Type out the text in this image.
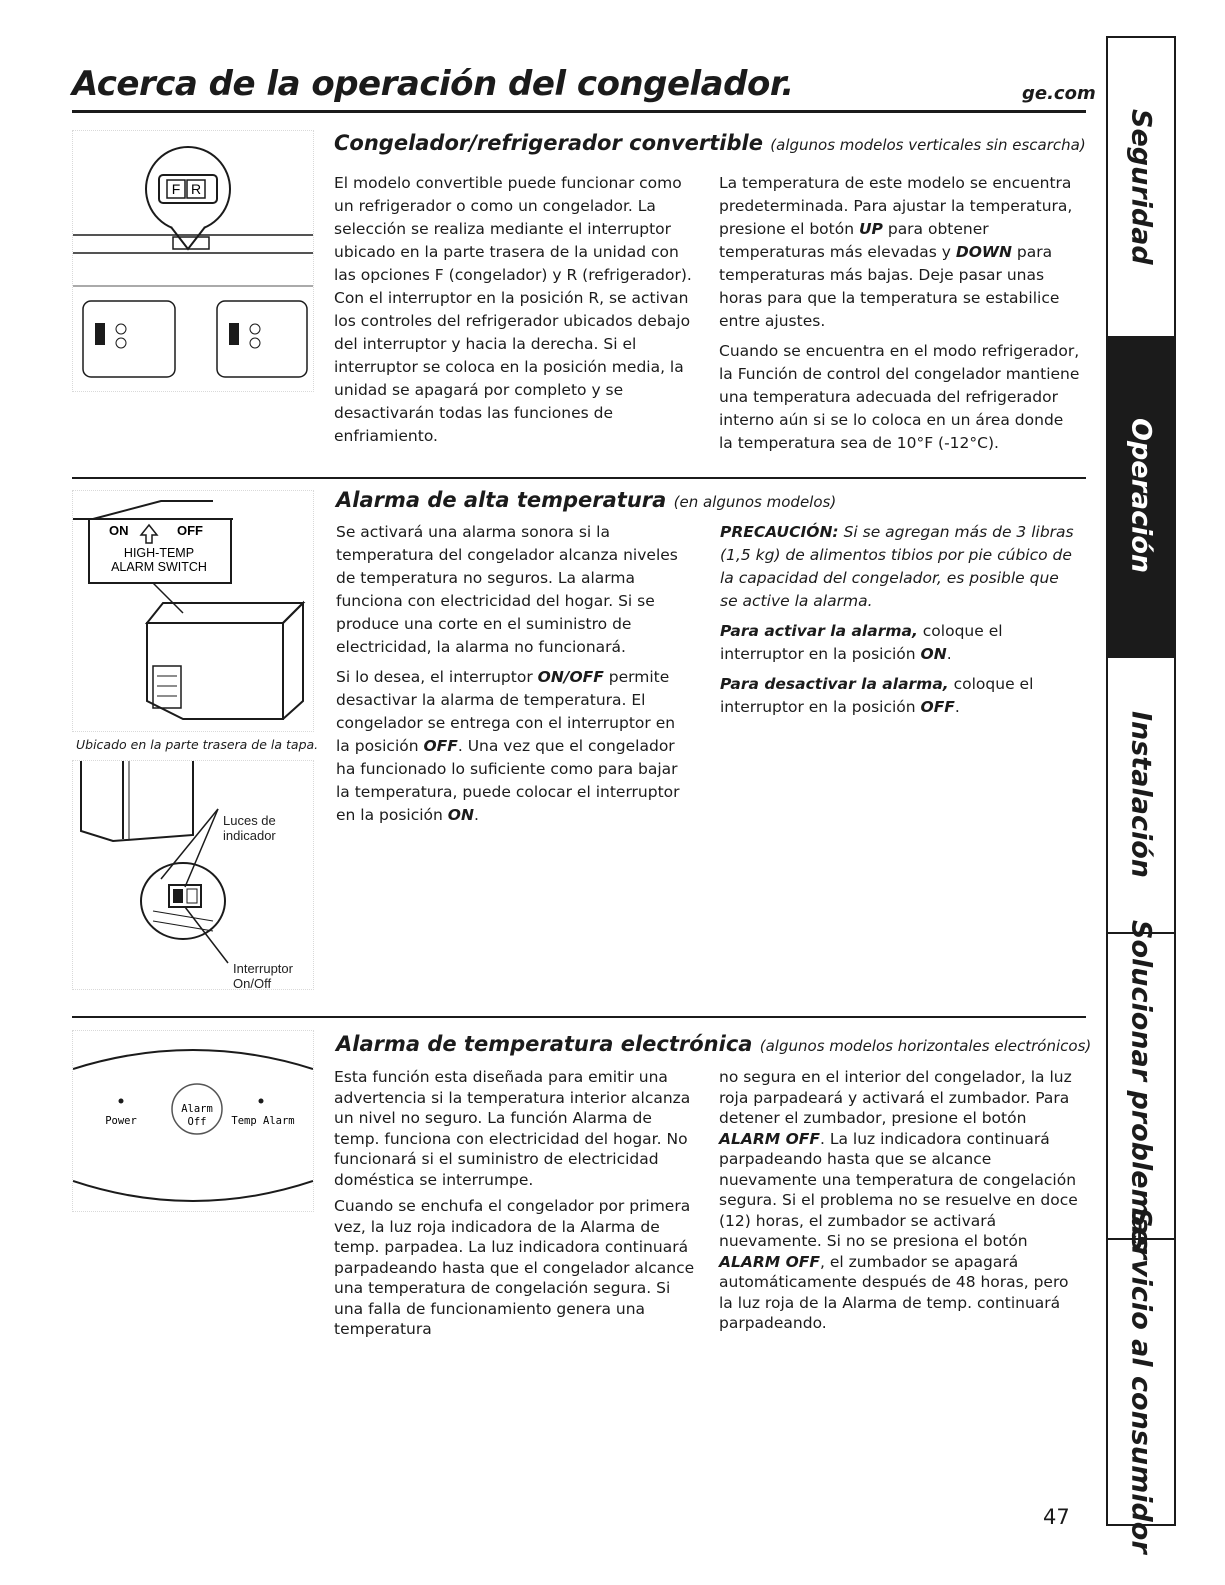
Acerca de la operación del congelador.	ge.com
F R
Congelador/refrigerador convertible (algunos modelos verticales sin escarcha)

El modelo convertible puede funcionar como un refrigerador o como un congelador. La selección se realiza mediante el interruptor ubicado en la parte trasera de la unidad con las opciones F (congelador) y R (refrigerador). Con el interruptor en la posición R, se activan los controles del refrigerador ubicados debajo del interruptor y hacia la derecha. Si el interruptor se coloca en la posición media, la unidad se apagará por completo y se desactivarán todas las funciones de enfriamiento.

La temperatura de este modelo se encuentra predeterminada. Para ajustar la temperatura, presione el botón UP para obtener temperaturas más elevadas y DOWN para temperaturas más bajas. Deje pasar unas horas para que la temperatura se estabilice entre ajustes.

Cuando se encuentra en el modo refrigerador, la Función de control del congelador mantiene una temperatura adecuada del refrigerador interno aún si se lo coloca en un área donde la temperatura sea de 10°F (-12°C).

ON	OFF
HIGH-TEMP
ALARM SWITCH
Ubicado en la parte trasera de la tapa.
Luces de
indicador
Interruptor
On/Off
Alarma de alta temperatura (en algunos modelos)

Se activará una alarma sonora si la temperatura del congelador alcanza niveles de temperatura no seguros. La alarma funciona con electricidad del hogar. Si se produce una corte en el suministro de electricidad, la alarma no funcionará.

Si lo desea, el interruptor ON/OFF permite desactivar la alarma de temperatura. El congelador se entrega con el interruptor en la posición OFF. Una vez que el congelador ha funcionado lo suficiente como para bajar la temperatura, puede colocar el interruptor en la posición ON.

PRECAUCIÓN: Si se agregan más de 3 libras (1,5 kg) de alimentos tibios por pie cúbico de la capacidad del congelador, es posible que se active la alarma.

Para activar la alarma, coloque el interruptor en la posición ON.

Para desactivar la alarma, coloque el interruptor en la posición OFF.

Power
Alarm
Off Temp Alarm
Alarma de temperatura electrónica (algunos modelos horizontales electrónicos)

Esta función esta diseñada para emitir una advertencia si la temperatura interior alcanza un nivel no seguro. La función Alarma de temp. funciona con electricidad del hogar. No funcionará si el suministro de electricidad doméstica se interrumpe.

Cuando se enchufa el congelador por primera vez, la luz roja indicadora de la Alarma de temp. parpadea. La luz indicadora continuará parpadeando hasta que el congelador alcance una temperatura de congelación segura. Si una falla de funcionamiento genera una temperatura

no segura en el interior del congelador, la luz roja parpadeará y activará el zumbador. Para detener el zumbador, presione el botón ALARM OFF. La luz indicadora continuará parpadeando hasta que se alcance nuevamente una temperatura de congelación segura. Si el problema no se resuelve en doce (12) horas, el zumbador se activará nuevamente. Si no se presiona el botón ALARM OFF, el zumbador se apagará automáticamente después de 48 horas, pero la luz roja de la Alarma de temp. continuará parpadeando.

47
Seguridad
Operación
Instalación
Solucionar problemas
Servicio al consumidor
